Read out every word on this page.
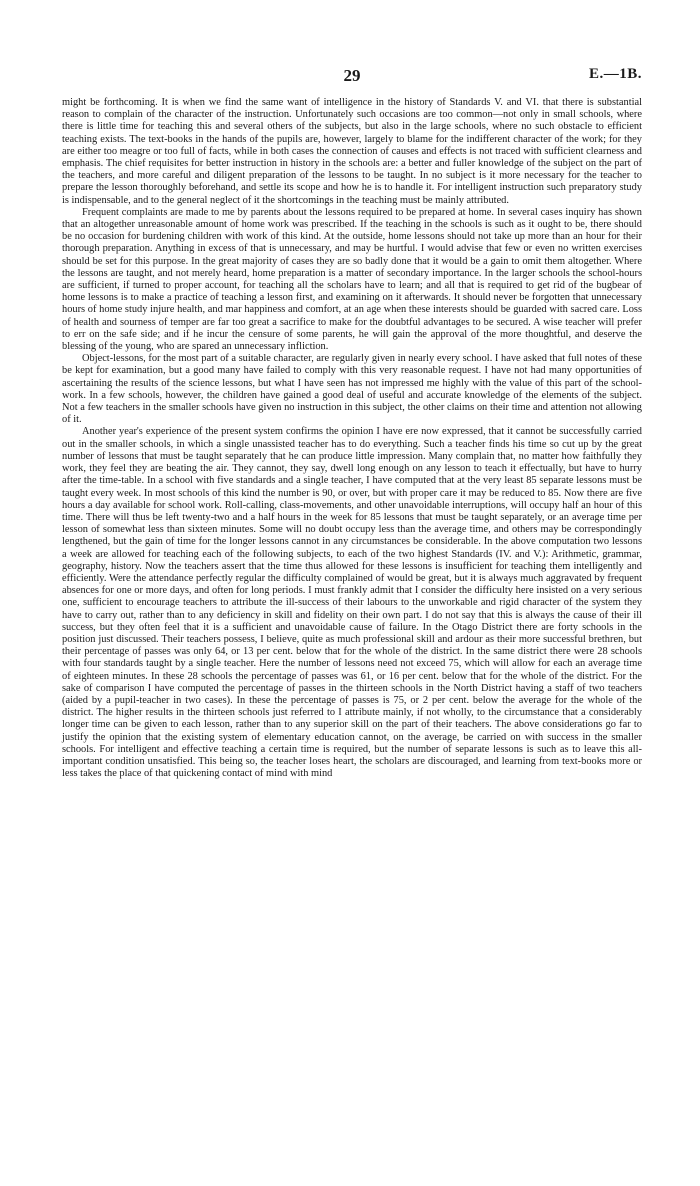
29	E.—1B.

might be forthcoming. It is when we find the same want of intelligence in the history of Standards V. and VI. that there is substantial reason to complain of the character of the instruction. Unfortunately such occasions are too common—not only in small schools, where there is little time for teaching this and several others of the subjects, but also in the large schools, where no such obstacle to efficient teaching exists. The text-books in the hands of the pupils are, however, largely to blame for the indifferent character of the work; for they are either too meagre or too full of facts, while in both cases the connection of causes and effects is not traced with sufficient clearness and emphasis. The chief requisites for better instruction in history in the schools are: a better and fuller knowledge of the subject on the part of the teachers, and more careful and diligent preparation of the lessons to be taught. In no subject is it more necessary for the teacher to prepare the lesson thoroughly beforehand, and settle its scope and how he is to handle it. For intelligent instruction such preparatory study is indispensable, and to the general neglect of it the shortcomings in the teaching must be mainly attributed.

Frequent complaints are made to me by parents about the lessons required to be prepared at home. In several cases inquiry has shown that an altogether unreasonable amount of home work was prescribed. If the teaching in the schools is such as it ought to be, there should be no occasion for burdening children with work of this kind. At the outside, home lessons should not take up more than an hour for their thorough preparation. Anything in excess of that is unnecessary, and may be hurtful. I would advise that few or even no written exercises should be set for this purpose. In the great majority of cases they are so badly done that it would be a gain to omit them altogether. Where the lessons are taught, and not merely heard, home preparation is a matter of secondary importance. In the larger schools the school-hours are sufficient, if turned to proper account, for teaching all the scholars have to learn; and all that is required to get rid of the bugbear of home lessons is to make a practice of teaching a lesson first, and examining on it afterwards. It should never be forgotten that unnecessary hours of home study injure health, and mar happiness and comfort, at an age when these interests should be guarded with sacred care. Loss of health and sourness of temper are far too great a sacrifice to make for the doubtful advantages to be secured. A wise teacher will prefer to err on the safe side; and if he incur the censure of some parents, he will gain the approval of the more thoughtful, and deserve the blessing of the young, who are spared an unnecessary infliction.

Object-lessons, for the most part of a suitable character, are regularly given in nearly every school. I have asked that full notes of these be kept for examination, but a good many have failed to comply with this very reasonable request. I have not had many opportunities of ascertaining the results of the science lessons, but what I have seen has not impressed me highly with the value of this part of the school-work. In a few schools, however, the children have gained a good deal of useful and accurate knowledge of the elements of the subject. Not a few teachers in the smaller schools have given no instruction in this subject, the other claims on their time and attention not allowing of it.

Another year's experience of the present system confirms the opinion I have ere now expressed, that it cannot be successfully carried out in the smaller schools, in which a single unassisted teacher has to do everything. Such a teacher finds his time so cut up by the great number of lessons that must be taught separately that he can produce little impression. Many complain that, no matter how faithfully they work, they feel they are beating the air. They cannot, they say, dwell long enough on any lesson to teach it effectually, but have to hurry after the time-table. In a school with five standards and a single teacher, I have computed that at the very least 85 separate lessons must be taught every week. In most schools of this kind the number is 90, or over, but with proper care it may be reduced to 85. Now there are five hours a day available for school work. Roll-calling, class-movements, and other unavoidable interruptions, will occupy half an hour of this time. There will thus be left twenty-two and a half hours in the week for 85 lessons that must be taught separately, or an average time per lesson of somewhat less than sixteen minutes. Some will no doubt occupy less than the average time, and others may be correspondingly lengthened, but the gain of time for the longer lessons cannot in any circumstances be considerable. In the above computation two lessons a week are allowed for teaching each of the following subjects, to each of the two highest Standards (IV. and V.): Arithmetic, grammar, geography, history. Now the teachers assert that the time thus allowed for these lessons is insufficient for teaching them intelligently and efficiently. Were the attendance perfectly regular the difficulty complained of would be great, but it is always much aggravated by frequent absences for one or more days, and often for long periods. I must frankly admit that I consider the difficulty here insisted on a very serious one, sufficient to encourage teachers to attribute the ill-success of their labours to the unworkable and rigid character of the system they have to carry out, rather than to any deficiency in skill and fidelity on their own part. I do not say that this is always the cause of their ill success, but they often feel that it is a sufficient and unavoidable cause of failure. In the Otago District there are forty schools in the position just discussed. Their teachers possess, I believe, quite as much professional skill and ardour as their more successful brethren, but their percentage of passes was only 64, or 13 per cent. below that for the whole of the district. In the same district there were 28 schools with four standards taught by a single teacher. Here the number of lessons need not exceed 75, which will allow for each an average time of eighteen minutes. In these 28 schools the percentage of passes was 61, or 16 per cent. below that for the whole of the district. For the sake of comparison I have computed the percentage of passes in the thirteen schools in the North District having a staff of two teachers (aided by a pupil-teacher in two cases). In these the percentage of passes is 75, or 2 per cent. below the average for the whole of the district. The higher results in the thirteen schools just referred to I attribute mainly, if not wholly, to the circumstance that a considerably longer time can be given to each lesson, rather than to any superior skill on the part of their teachers. The above considerations go far to justify the opinion that the existing system of elementary education cannot, on the average, be carried on with success in the smaller schools. For intelligent and effective teaching a certain time is required, but the number of separate lessons is such as to leave this all-important condition unsatisfied. This being so, the teacher loses heart, the scholars are discouraged, and learning from text-books more or less takes the place of that quickening contact of mind with mind
